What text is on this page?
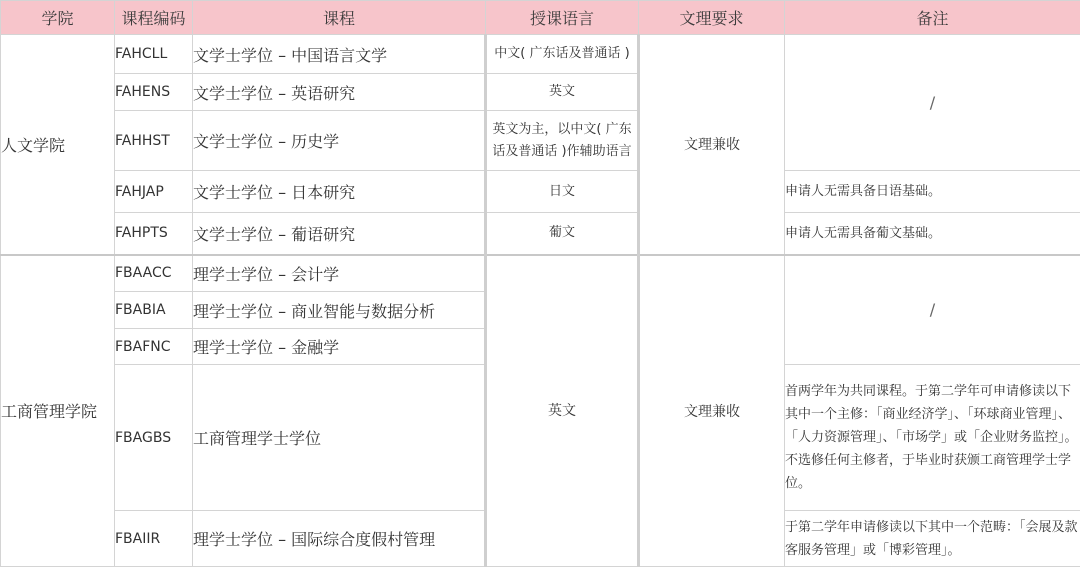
学院	课程编码	课程	授课语言	文理要求	备注
人文学院	FAHCLL	文学士学位 – 中国语言文学	中文( 广东话及普通话 )	文理兼收	/
	FAHENS	文学士学位 – 英语研究	英文		
	FAHHST	文学士学位 – 历史学	英文为主，以中文( 广东话及普通话 )作辅助语言		
	FAHJAP	文学士学位 – 日本研究	日文		申请人无需具备日语基础。
	FAHPTS	文学士学位 – 葡语研究	葡文		申请人无需具备葡文基础。
工商管理学院	FBAACC	理学士学位 – 会计学	英文	文理兼收	/
	FBABIA	理学士学位 – 商业智能与数据分析			
	FBAFNC	理学士学位 – 金融学			
	FBAGBS	工商管理学士学位			首两学年为共同课程。于第二学年可申请修读以下其中一个主修：「商业经济学」、「环球商业管理」、「人力资源管理」、「市场学」或「企业财务监控」。不选修任何主修者，于毕业时获颁工商管理学士学位。
	FBAIIR	理学士学位 – 国际综合度假村管理			于第二学年申请修读以下其中一个范畴：「会展及款客服务管理」或「博彩管理」。
